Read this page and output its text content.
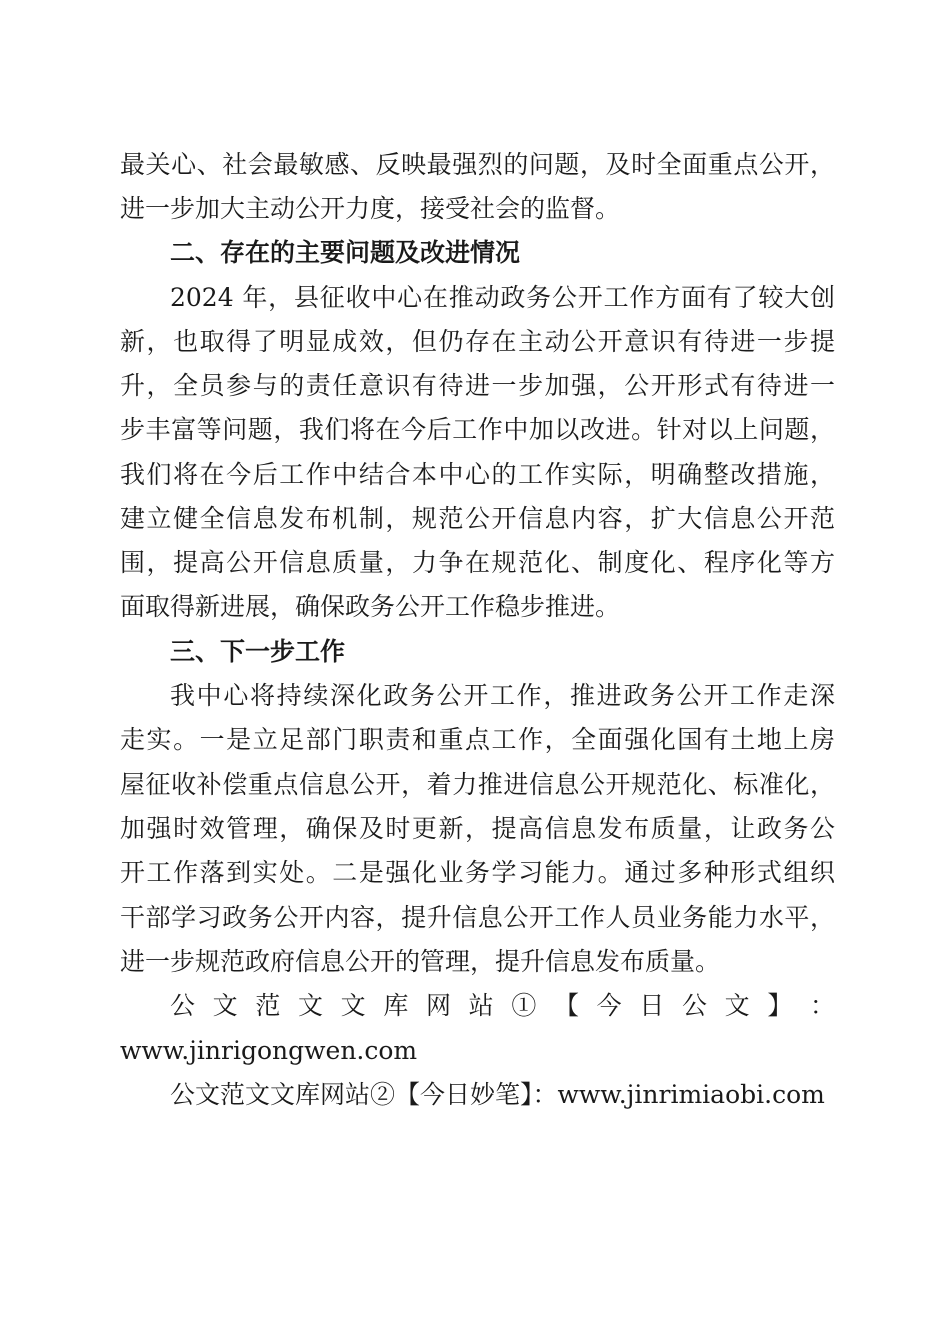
最关心、社会最敏感、反映最强烈的问题，及时全面重点公开，
进一步加大主动公开力度，接受社会的监督。
二、存在的主要问题及改进情况
2024 年，县征收中心在推动政务公开工作方面有了较大创
新，也取得了明显成效，但仍存在主动公开意识有待进一步提
升，全员参与的责任意识有待进一步加强，公开形式有待进一
步丰富等问题，我们将在今后工作中加以改进。针对以上问题，
我们将在今后工作中结合本中心的工作实际，明确整改措施，
建立健全信息发布机制，规范公开信息内容，扩大信息公开范
围，提高公开信息质量，力争在规范化、制度化、程序化等方
面取得新进展，确保政务公开工作稳步推进。
三、下一步工作
我中心将持续深化政务公开工作，推进政务公开工作走深
走实。一是立足部门职责和重点工作，全面强化国有土地上房
屋征收补偿重点信息公开，着力推进信息公开规范化、标准化，
加强时效管理，确保及时更新，提高信息发布质量，让政务公
开工作落到实处。二是强化业务学习能力。通过多种形式组织
干部学习政务公开内容，提升信息公开工作人员业务能力水平，
进一步规范政府信息公开的管理，提升信息发布质量。
公 文 范 文 文 库 网 站 ① 【 今 日 公 文 】 ：
www.jinrigongwen.com
公文范文文库网站②【今日妙笔】：www.jinrimiaobi.com
